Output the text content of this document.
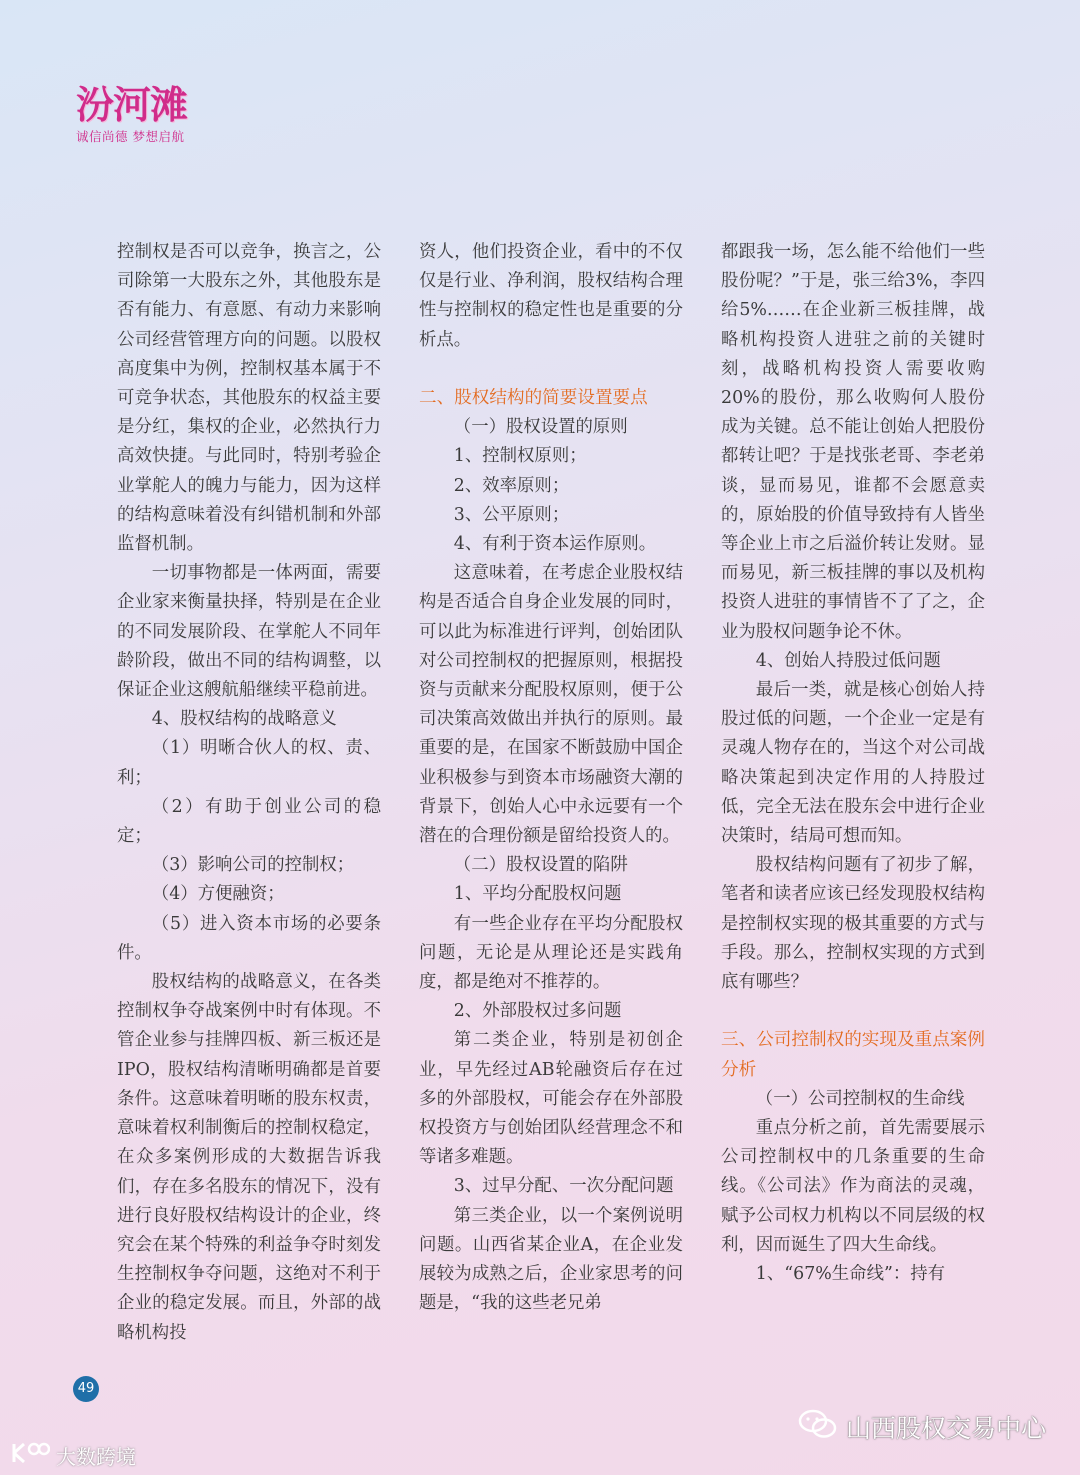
汾河滩
诚信尚德 梦想启航

控制权是否可以竞争，换言之，公司除第一大股东之外，其他股东是否有能力、有意愿、有动力来影响公司经营管理方向的问题。以股权高度集中为例，控制权基本属于不可竞争状态，其他股东的权益主要是分红，集权的企业，必然执行力高效快捷。与此同时，特别考验企业掌舵人的魄力与能力，因为这样的结构意味着没有纠错机制和外部监督机制。

一切事物都是一体两面，需要企业家来衡量抉择，特别是在企业的不同发展阶段、在掌舵人不同年龄阶段，做出不同的结构调整，以保证企业这艘航船继续平稳前进。

4、股权结构的战略意义

（1）明晰合伙人的权、责、利；

（2）有助于创业公司的稳定；

（3）影响公司的控制权；

（4）方便融资；

（5）进入资本市场的必要条件。

股权结构的战略意义，在各类控制权争夺战案例中时有体现。不管企业参与挂牌四板、新三板还是IPO，股权结构清晰明确都是首要条件。这意味着明晰的股东权责，意味着权利制衡后的控制权稳定，在众多案例形成的大数据告诉我们，存在多名股东的情况下，没有进行良好股权结构设计的企业，终究会在某个特殊的利益争夺时刻发生控制权争夺问题，这绝对不利于企业的稳定发展。而且，外部的战略机构投

资人，他们投资企业，看中的不仅仅是行业、净利润，股权结构合理性与控制权的稳定性也是重要的分析点。

二、股权结构的简要设置要点

（一）股权设置的原则

1、控制权原则；

2、效率原则；

3、公平原则；

4、有利于资本运作原则。

这意味着，在考虑企业股权结构是否适合自身企业发展的同时，可以此为标准进行评判，创始团队对公司控制权的把握原则，根据投资与贡献来分配股权原则，便于公司决策高效做出并执行的原则。最重要的是，在国家不断鼓励中国企业积极参与到资本市场融资大潮的背景下，创始人心中永远要有一个潜在的合理份额是留给投资人的。

（二）股权设置的陷阱

1、平均分配股权问题

有一些企业存在平均分配股权问题，无论是从理论还是实践角度，都是绝对不推荐的。

2、外部股权过多问题

第二类企业，特别是初创企业，早先经过AB轮融资后存在过多的外部股权，可能会存在外部股权投资方与创始团队经营理念不和等诸多难题。

3、过早分配、一次分配问题

第三类企业，以一个案例说明问题。山西省某企业A，在企业发展较为成熟之后，企业家思考的问题是，“我的这些老兄弟

都跟我一场，怎么能不给他们一些股份呢？”于是，张三给3%，李四给5%……在企业新三板挂牌，战略机构投资人进驻之前的关键时刻，战略机构投资人需要收购20%的股份，那么收购何人股份成为关键。总不能让创始人把股份都转让吧？于是找张老哥、李老弟谈，显而易见，谁都不会愿意卖的，原始股的价值导致持有人皆坐等企业上市之后溢价转让发财。显而易见，新三板挂牌的事以及机构投资人进驻的事情皆不了了之，企业为股权问题争论不休。

4、创始人持股过低问题

最后一类，就是核心创始人持股过低的问题，一个企业一定是有灵魂人物存在的，当这个对公司战略决策起到决定作用的人持股过低，完全无法在股东会中进行企业决策时，结局可想而知。

股权结构问题有了初步了解，笔者和读者应该已经发现股权结构是控制权实现的极其重要的方式与手段。那么，控制权实现的方式到底有哪些？

三、公司控制权的实现及重点案例分析

（一）公司控制权的生命线

重点分析之前，首先需要展示公司控制权中的几条重要的生命线。《公司法》作为商法的灵魂，赋予公司权力机构以不同层级的权利，因而诞生了四大生命线。

1、“67%生命线”：持有

49
山西股权交易中心
大数跨境
